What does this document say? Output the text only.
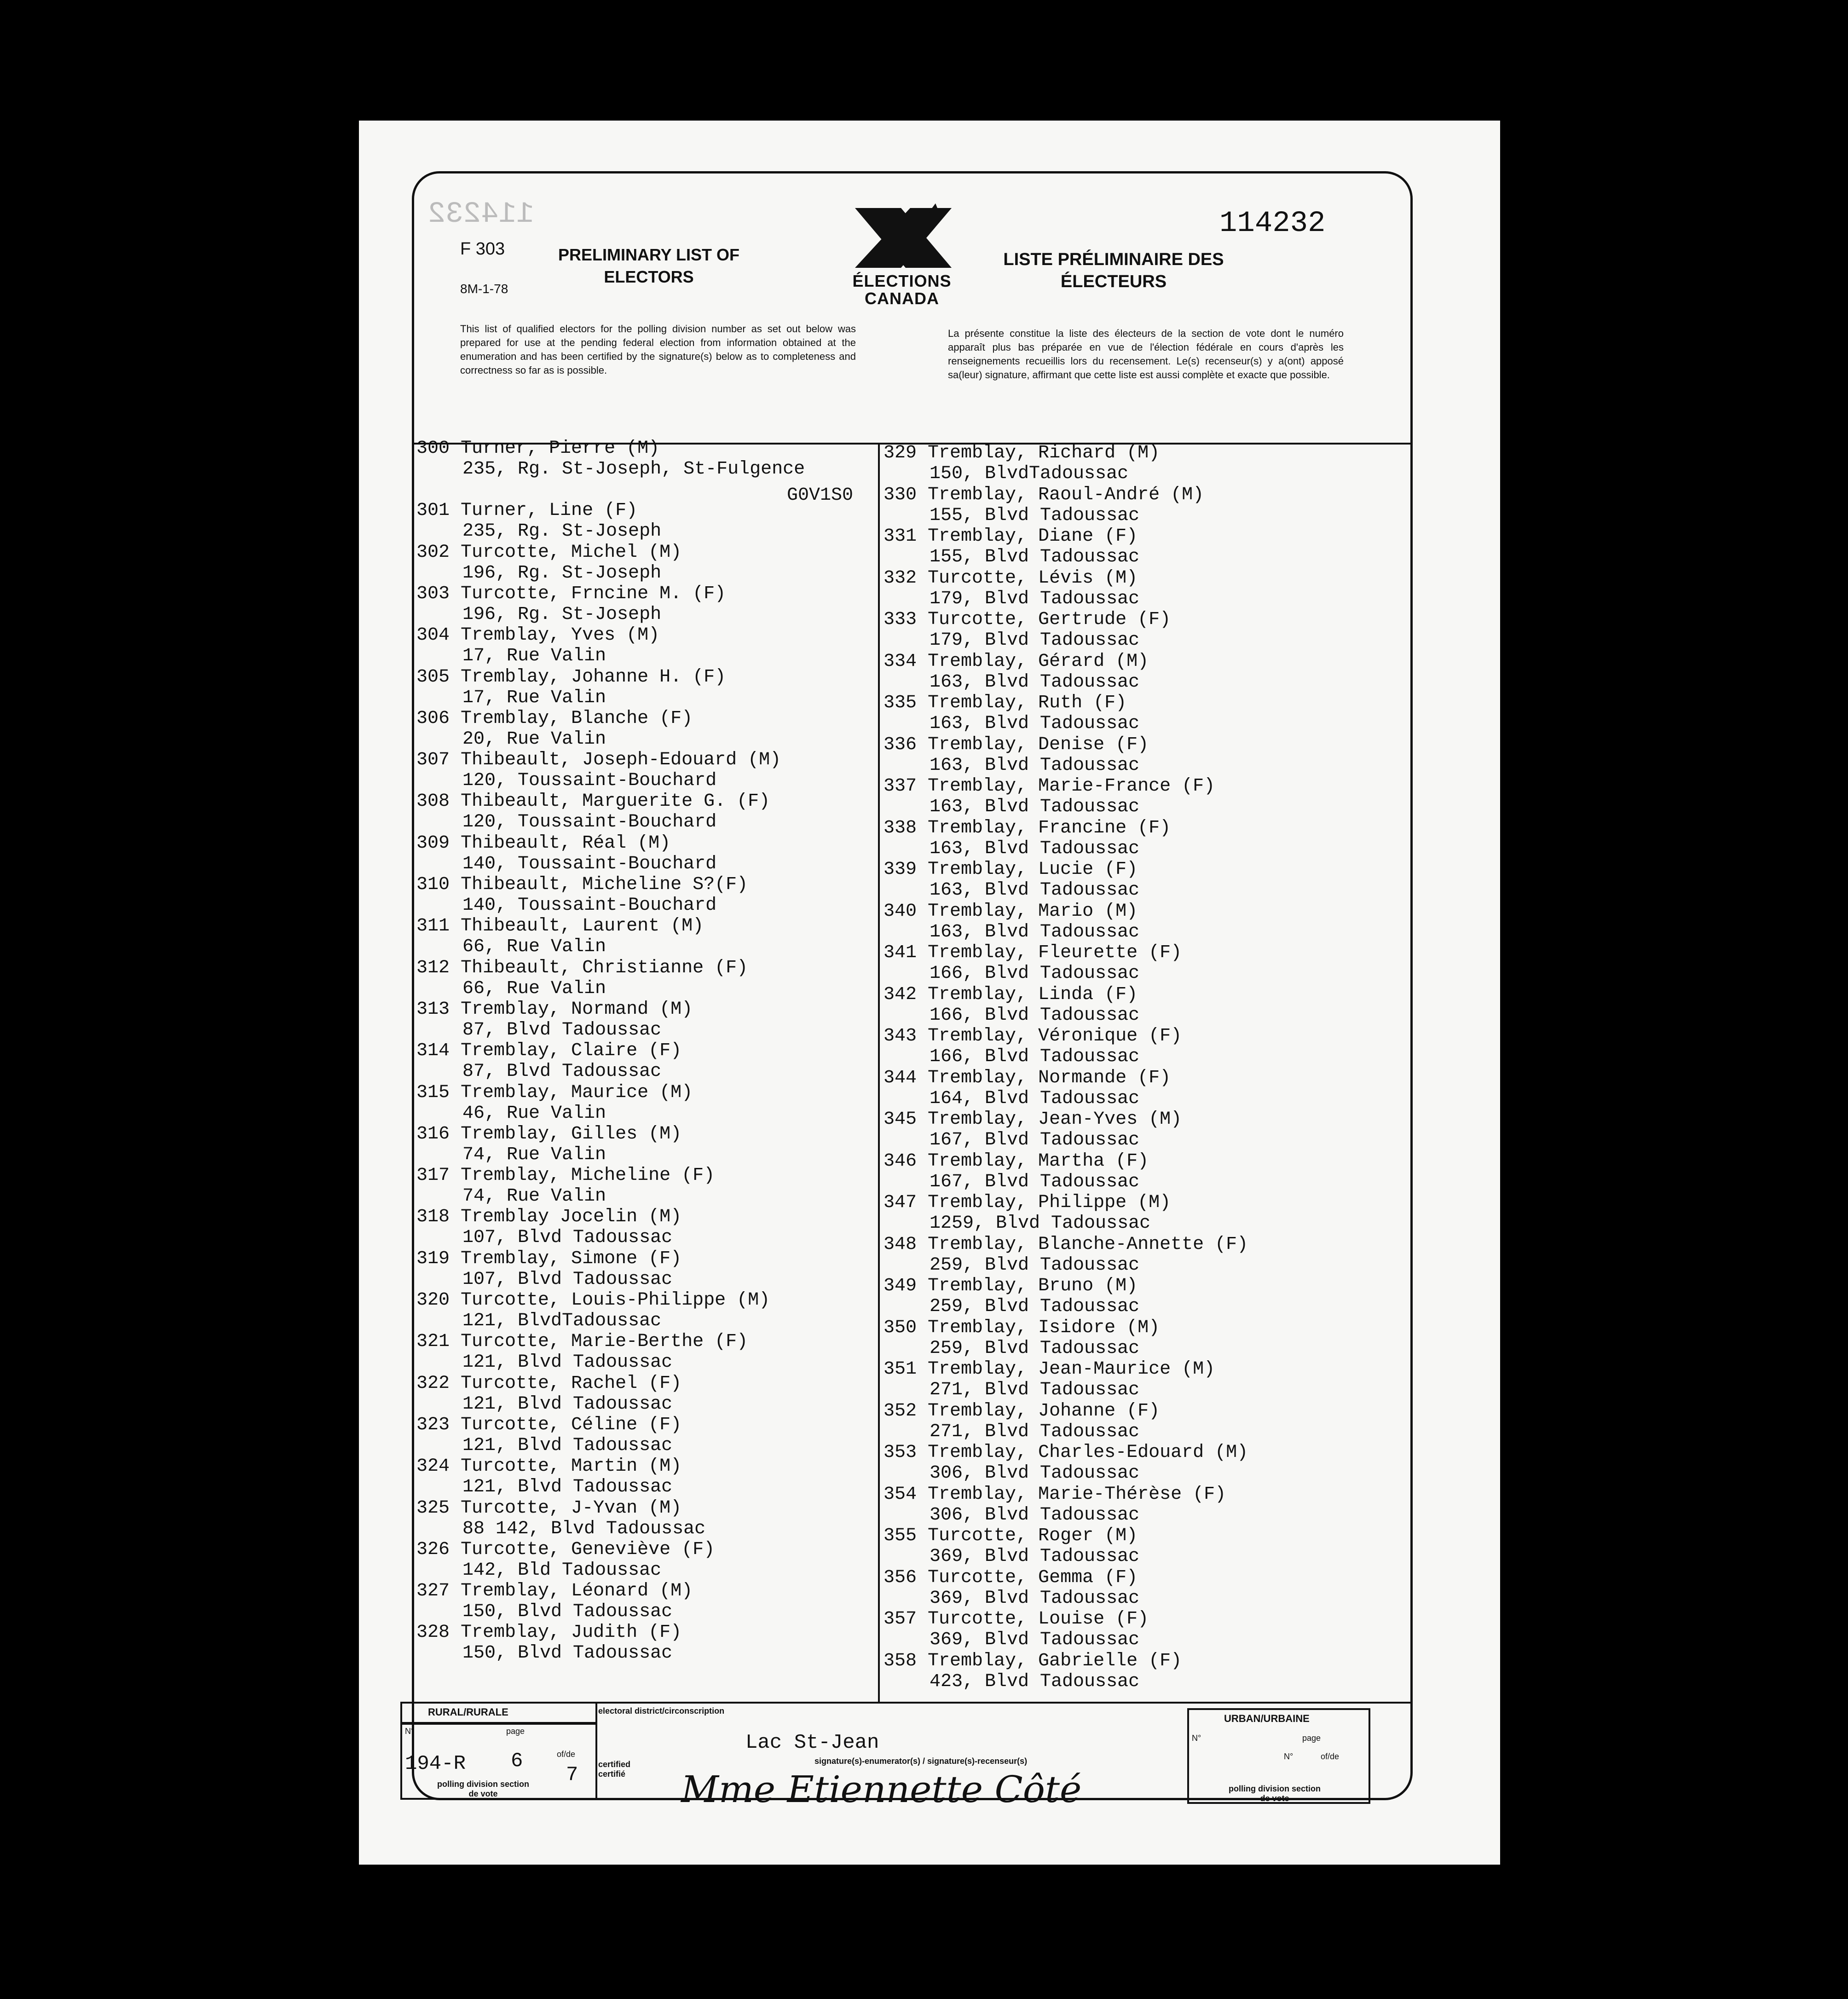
114232	114232
F 303
8M-1-78
PRELIMINARY LIST OF ELECTORS	ÉLECTIONS CANADA
LISTE PRÉLIMINAIRE DES ÉLECTEURS
This list of qualified electors for the polling division number as set out below was prepared for use at the pending federal election from information obtained at the enumeration and has been certified by the signature(s) below as to completeness and correctness so far as is possible.
La présente constitue la liste des électeurs de la section de vote dont le numéro apparaît plus bas préparée en vue de l'élection fédérale en cours d'après les renseignements recueillis lors du recensement. Le(s) recenseur(s) y a(ont) apposé sa(leur) signature, affirmant que cette liste est aussi complète et exacte que possible.
300 Turner, Pierre (M)
235, Rg. St-Joseph, St-Fulgence
301 Turner, Line (F)
235, Rg. St-Joseph
302 Turcotte, Michel (M)
196, Rg. St-Joseph
303 Turcotte, Frncine M. (F)
196, Rg. St-Joseph
304 Tremblay, Yves (M)
17, Rue Valin
305 Tremblay, Johanne H. (F)
17, Rue Valin
306 Tremblay, Blanche (F)
20, Rue Valin
307 Thibeault, Joseph-Edouard (M)
120, Toussaint-Bouchard
308 Thibeault, Marguerite G. (F)
120, Toussaint-Bouchard
309 Thibeault, Réal (M)
140, Toussaint-Bouchard
310 Thibeault, Micheline S?(F)
140, Toussaint-Bouchard
311 Thibeault, Laurent (M)
66, Rue Valin
312 Thibeault, Christianne (F)
66, Rue Valin
313 Tremblay, Normand (M)
87, Blvd Tadoussac
314 Tremblay, Claire (F)
87, Blvd Tadoussac
315 Tremblay, Maurice (M)
46, Rue Valin
316 Tremblay, Gilles (M)
74, Rue Valin
317 Tremblay, Micheline (F)
74, Rue Valin
318 Tremblay Jocelin (M)
107, Blvd Tadoussac
319 Tremblay, Simone (F)
107, Blvd Tadoussac
320 Turcotte, Louis-Philippe (M)
121, BlvdTadoussac
321 Turcotte, Marie-Berthe (F)
121, Blvd Tadoussac
322 Turcotte, Rachel (F)
121, Blvd Tadoussac
323 Turcotte, Céline (F)
121, Blvd Tadoussac
324 Turcotte, Martin (M)
121, Blvd Tadoussac
325 Turcotte, J-Yvan (M)
88 142, Blvd Tadoussac
326 Turcotte, Geneviève (F)
142, Bld Tadoussac
327 Tremblay, Léonard (M)
150, Blvd Tadoussac
328 Tremblay, Judith (F)
150, Blvd Tadoussac
329 Tremblay, Richard (M)
150, BlvdTadoussac
330 Tremblay, Raoul-André (M)
155, Blvd Tadoussac
331 Tremblay, Diane (F)
155, Blvd Tadoussac
332 Turcotte, Lévis (M)
179, Blvd Tadoussac
333 Turcotte, Gertrude (F)
179, Blvd Tadoussac
334 Tremblay, Gérard (M)
163, Blvd Tadoussac
335 Tremblay, Ruth (F)
163, Blvd Tadoussac
336 Tremblay, Denise (F)
163, Blvd Tadoussac
337 Tremblay, Marie-France (F)
163, Blvd Tadoussac
338 Tremblay, Francine (F)
163, Blvd Tadoussac
339 Tremblay, Lucie (F)
163, Blvd Tadoussac
340 Tremblay, Mario (M)
163, Blvd Tadoussac
341 Tremblay, Fleurette (F)
166, Blvd Tadoussac
342 Tremblay, Linda (F)
166, Blvd Tadoussac
343 Tremblay, Véronique (F)
166, Blvd Tadoussac
344 Tremblay, Normande (F)
164, Blvd Tadoussac
345 Tremblay, Jean-Yves (M)
167, Blvd Tadoussac
346 Tremblay, Martha (F)
167, Blvd Tadoussac
347 Tremblay, Philippe (M)
1259, Blvd Tadoussac
348 Tremblay, Blanche-Annette (F)
259, Blvd Tadoussac
349 Tremblay, Bruno (M)
259, Blvd Tadoussac
350 Tremblay, Isidore (M)
259, Blvd Tadoussac
351 Tremblay, Jean-Maurice (M)
271, Blvd Tadoussac
352 Tremblay, Johanne (F)
271, Blvd Tadoussac
353 Tremblay, Charles-Edouard (M)
306, Blvd Tadoussac
354 Tremblay, Marie-Thérèse (F)
306, Blvd Tadoussac
355 Turcotte, Roger (M)
369, Blvd Tadoussac
356 Turcotte, Gemma (F)
369, Blvd Tadoussac
357 Turcotte, Louise (F)
369, Blvd Tadoussac
358 Tremblay, Gabrielle (F)
423, Blvd Tadoussac
G0V1S0
RURAL/RURALE
N°	page
of/de
194-R 6
7
polling division section de vote
electoral district/circonscription
Lac St-Jean
signature(s)-enumerator(s) / signature(s)-recenseur(s)
certified certifié	Mme Etiennette Côté
URBAN/URBAINE
N°	page
N°	of/de
polling division section de vote
